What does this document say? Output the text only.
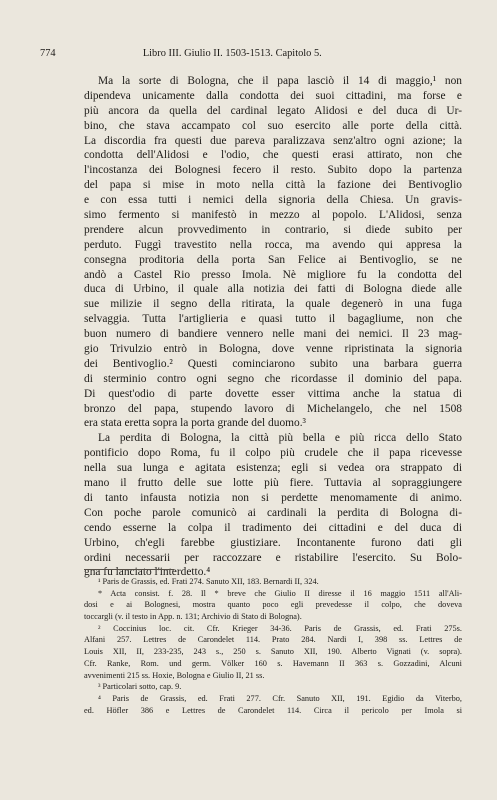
774	Libro III. Giulio II. 1503-1513. Capitolo 5.
Ma la sorte di Bologna, che il papa lasciò il 14 di maggio,¹ non
dipendeva unicamente dalla condotta dei suoi cittadini, ma forse e
più ancora da quella del cardinal legato Alidosi e del duca di Ur-
bino, che stava accampato col suo esercito alle porte della città.
La discordia fra questi due pareva paralizzava senz'altro ogni azione; la
condotta dell'Alidosi e l'odio, che questi erasi attirato, non che
l'incostanza dei Bolognesi fecero il resto. Subito dopo la partenza
del papa si mise in moto nella città la fazione dei Bentivoglio
e con essa tutti i nemici della signoria della Chiesa. Un gravis-
simo fermento si manifestò in mezzo al popolo. L'Alidosi, senza
prendere alcun provvedimento in contrario, si diede subito per
perduto. Fuggì travestito nella rocca, ma avendo qui appresa la
consegna proditoria della porta San Felice ai Bentivoglio, se ne
andò a Castel Rio presso Imola. Nè migliore fu la condotta del
duca di Urbino, il quale alla notizia dei fatti di Bologna diede alle
sue milizie il segno della ritirata, la quale degenerò in una fuga
selvaggia. Tutta l'artiglieria e quasi tutto il bagagliume, non che
buon numero di bandiere vennero nelle mani dei nemici. Il 23 mag-
gio Trivulzio entrò in Bologna, dove venne ripristinata la signoria
dei Bentivoglio.² Questi cominciarono subito una barbara guerra
di sterminio contro ogni segno che ricordasse il dominio del papa.
Di quest'odio di parte dovette esser vittima anche la statua di
bronzo del papa, stupendo lavoro di Michelangelo, che nel 1508
era stata eretta sopra la porta grande del duomo.³
La perdita di Bologna, la città più bella e più ricca dello Stato
pontificio dopo Roma, fu il colpo più crudele che il papa ricevesse
nella sua lunga e agitata esistenza; egli si vedea ora strappato di
mano il frutto delle sue lotte più fiere. Tuttavia al sopraggiungere
di tanto infausta notizia non si perdette menomamente di animo.
Con poche parole comunicò ai cardinali la perdita di Bologna di-
cendo esserne la colpa il tradimento dei cittadini e del duca di
Urbino, ch'egli farebbe giustiziare. Incontanente furono dati gli
ordini necessarii per raccozzare e ristabilire l'esercito. Su Bolo-
gna fu lanciato l'interdetto.⁴
¹ Paris de Grassis, ed. Frati 274. Sanuto XII, 183. Bernardi II, 324.
* Acta consist. f. 28. Il * breve che Giulio II diresse il 16 maggio 1511 all'Ali-
dosi e ai Bolognesi, mostra quanto poco egli prevedesse il colpo, che doveva
toccargli (v. il testo in App. n. 131; Archivio di Stato di Bologna).
² Coccinius loc. cit. Cfr. Krieger 34-36. Paris de Grassis, ed. Frati 275s.
Alfani 257. Lettres de Carondelet 114. Prato 284. Nardi I, 398 ss. Lettres de
Louis XII, II, 233-235, 243 s., 250 s. Sanuto XII, 190. Alberto Vignati (v. sopra).
Cfr. Ranke, Rom. und germ. Völker 160 s. Havemann II 363 s. Gozzadini, Alcuni
avvenimenti 215 ss. Hoxie, Bologna e Giulio II, 21 ss.
³ Particolari sotto, cap. 9.
⁴ Paris de Grassis, ed. Frati 277. Cfr. Sanuto XII, 191. Egidio da Viterbo,
ed. Höfler 386 e Lettres de Carondelet 114. Circa il pericolo per Imola si
